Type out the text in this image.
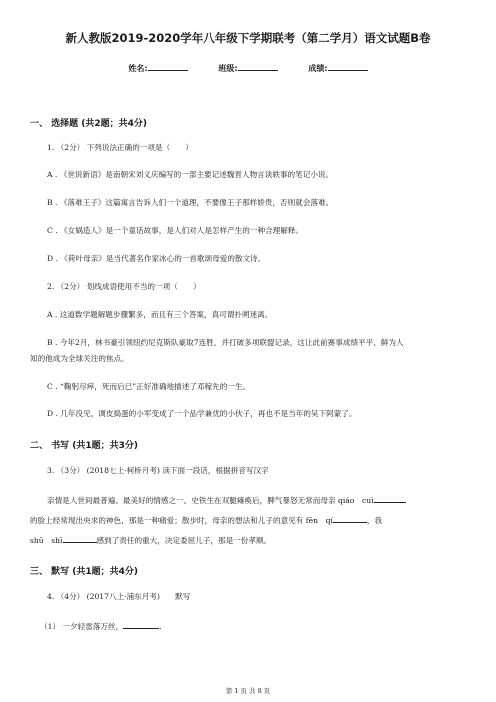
新人教版2019-2020学年八年级下学期联考（第二学月）语文试题B卷
姓名:	班级:	成绩:
一、 选择题 (共2题；共4分)
1. （2分） 下列说法正确的一项是（　　）
A . 《世说新语》是南朝宋刘义庆编写的一部主要记述魏晋人物言谈轶事的笔记小说。
B . 《落难王子》这篇寓言告诉人们一个道理，不要像王子那样娇贵，否则就会落难。
C . 《女娲造人》是一个童话故事，是人们对人是怎样产生的一种合理解释。
D . 《荷叶母亲》是当代著名作家冰心的一首歌颂母爱的散文诗。
2. （2分） 划线成语使用不当的一项（　　）
A . 这道数学题解题步骤繁多，而且有三个答案，真可谓扑朔迷离。
B . 今年2月，林书豪引领纽约尼克斯队豪取7连胜，并打破多项联盟记录，这让此前赛事成绩平平、鲜为人
知的他成为全球关注的焦点。
C . “鞠躬尽瘁，死而后已”正好准确地描述了邓稼先的一生。
D . 几年没见，调皮捣蛋的小军变成了一个品学兼优的小伙子，再也不是当年的吴下阿蒙了。
二、 书写 (共1题；共3分)
3. （3分） (2018七上·柯桥月考) 读下面一段话，根据拼音写汉字
亲情是人世间最普遍、最美好的情感之一。史铁生在双腿瘫痪后，脾气暴怒无常而母亲 qiáo　cuì
的脸上经常现出央求的神色，那是一种痛爱；散步时，母亲的想法和儿子的意见有 fēn　qí	，我
shū　shī	感到了责任的重大，决定委屈儿子，那是一份孝顺。
三、 默写 (共1题；共4分)
4. （4分） (2017八上·浦东月考)　　默写
（1） 一夕轻雷落万丝，	.
第 1 页 共 8 页
